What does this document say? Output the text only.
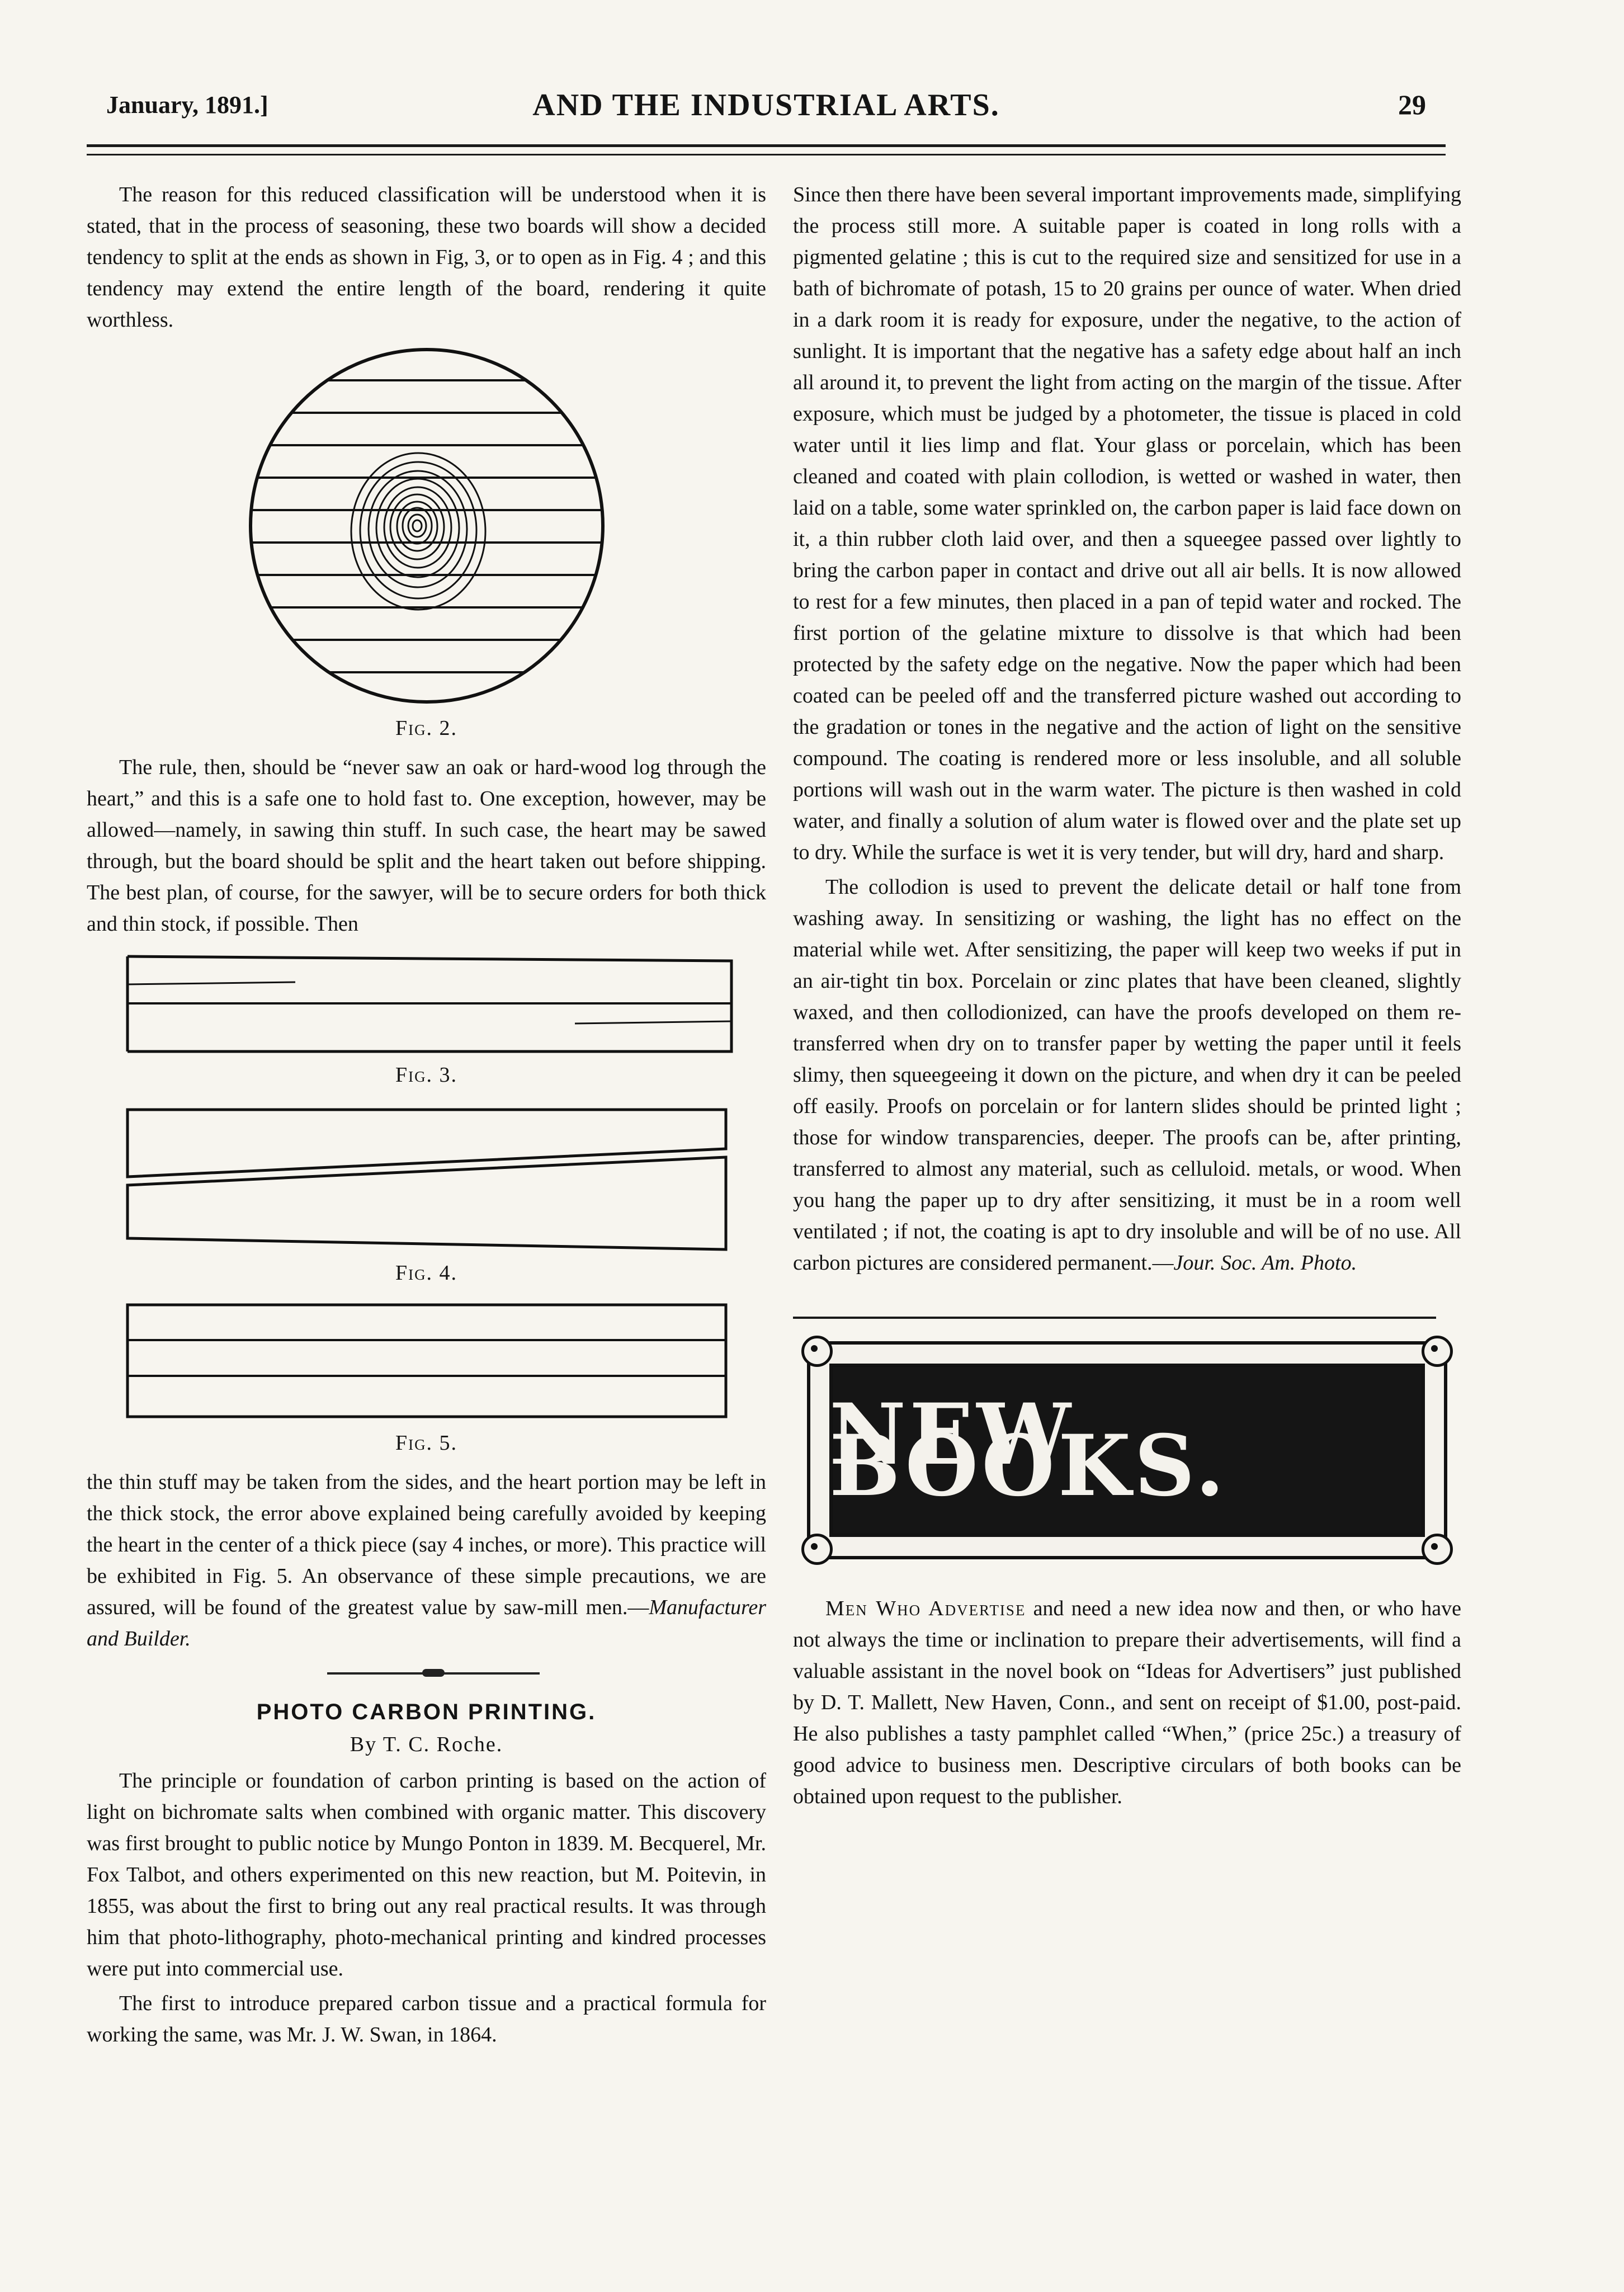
January, 1891.]	AND THE INDUSTRIAL ARTS.	29

The reason for this reduced classification will be understood when it is stated, that in the process of seasoning, these two boards will show a decided tendency to split at the ends as shown in Fig, 3, or to open as in Fig. 4 ; and this tendency may extend the entire length of the board, rendering it quite worthless.

Fig. 2.

The rule, then, should be “never saw an oak or hard-wood log through the heart,” and this is a safe one to hold fast to. One exception, however, may be allowed—namely, in sawing thin stuff. In such case, the heart may be sawed through, but the board should be split and the heart taken out before shipping. The best plan, of course, for the sawyer, will be to secure orders for both thick and thin stock, if possible. Then

Fig. 3.
Fig. 4.
Fig. 5.

the thin stuff may be taken from the sides, and the heart portion may be left in the thick stock, the error above explained being carefully avoided by keeping the heart in the center of a thick piece (say 4 inches, or more). This practice will be exhibited in Fig. 5. An observance of these simple precautions, we are assured, will be found of the greatest value by saw-mill men.—Manufacturer and Builder.

PHOTO CARBON PRINTING.
By T. C. Roche.

The principle or foundation of carbon printing is based on the action of light on bichromate salts when combined with organic matter. This discovery was first brought to public notice by Mungo Ponton in 1839. M. Becquerel, Mr. Fox Talbot, and others experimented on this new reaction, but M. Poitevin, in 1855, was about the first to bring out any real practical results. It was through him that photo-lithography, photo-mechanical printing and kindred processes were put into commercial use.

The first to introduce prepared carbon tissue and a practical formula for working the same, was Mr. J. W. Swan, in 1864.

Since then there have been several important improvements made, simplifying the process still more. A suitable paper is coated in long rolls with a pigmented gelatine ; this is cut to the required size and sensitized for use in a bath of bichromate of potash, 15 to 20 grains per ounce of water. When dried in a dark room it is ready for exposure, under the negative, to the action of sunlight. It is important that the negative has a safety edge about half an inch all around it, to prevent the light from acting on the margin of the tissue. After exposure, which must be judged by a photometer, the tissue is placed in cold water until it lies limp and flat. Your glass or porcelain, which has been cleaned and coated with plain collodion, is wetted or washed in water, then laid on a table, some water sprinkled on, the carbon paper is laid face down on it, a thin rubber cloth laid over, and then a squeegee passed over lightly to bring the carbon paper in contact and drive out all air bells. It is now allowed to rest for a few minutes, then placed in a pan of tepid water and rocked. The first portion of the gelatine mixture to dissolve is that which had been protected by the safety edge on the negative. Now the paper which had been coated can be peeled off and the transferred picture washed out according to the gradation or tones in the negative and the action of light on the sensitive compound. The coating is rendered more or less insoluble, and all soluble portions will wash out in the warm water. The picture is then washed in cold water, and finally a solution of alum water is flowed over and the plate set up to dry. While the surface is wet it is very tender, but will dry, hard and sharp.

The collodion is used to prevent the delicate detail or half tone from washing away. In sensitizing or washing, the light has no effect on the material while wet. After sensitizing, the paper will keep two weeks if put in an air-tight tin box. Porcelain or zinc plates that have been cleaned, slightly waxed, and then collodionized, can have the proofs developed on them re-transferred when dry on to transfer paper by wetting the paper until it feels slimy, then squeegeeing it down on the picture, and when dry it can be peeled off easily. Proofs on porcelain or for lantern slides should be printed light ; those for window transparencies, deeper. The proofs can be, after printing, transferred to almost any material, such as celluloid. metals, or wood. When you hang the paper up to dry after sensitizing, it must be in a room well ventilated ; if not, the coating is apt to dry insoluble and will be of no use. All carbon pictures are considered permanent.—Jour. Soc. Am. Photo.

NEW BOOKS.

Men Who Advertise and need a new idea now and then, or who have not always the time or inclination to prepare their advertisements, will find a valuable assistant in the novel book on “Ideas for Advertisers” just published by D. T. Mallett, New Haven, Conn., and sent on receipt of $1.00, post-paid. He also publishes a tasty pamphlet called “When,” (price 25c.) a treasury of good advice to business men. Descriptive circulars of both books can be obtained upon request to the publisher.
